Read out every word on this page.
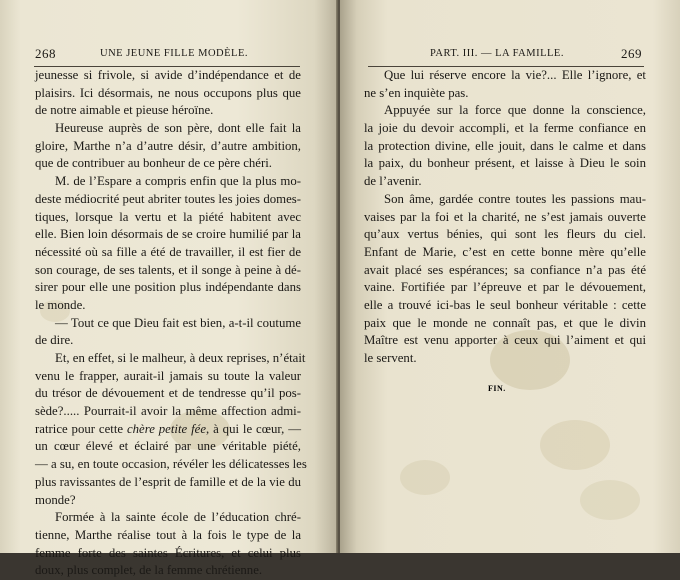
268	UNE JEUNE FILLE MODÈLE.
jeunesse si frivole, si avide d’indépendance et de
plaisirs. Ici désormais, ne nous occupons plus que
de notre aimable et pieuse héroïne.
Heureuse auprès de son père, dont elle fait la
gloire, Marthe n’a d’autre désir, d’autre ambition,
que de contribuer au bonheur de ce père chéri.
M. de l’Espare a compris enfin que la plus mo-
deste médiocrité peut abriter toutes les joies domes-
tiques, lorsque la vertu et la piété habitent avec
elle. Bien loin désormais de se croire humilié par la
nécessité où sa fille a été de travailler, il est fier de
son courage, de ses talents, et il songe à peine à dé-
sirer pour elle une position plus indépendante dans
le monde.
— Tout ce que Dieu fait est bien, a-t-il coutume
de dire.
Et, en effet, si le malheur, à deux reprises, n’était
venu le frapper, aurait-il jamais su toute la valeur
du trésor de dévouement et de tendresse qu’il pos-
sède?..... Pourrait-il avoir la même affection admi-
ratrice pour cette chère petite fée, à qui le cœur, —
un cœur élevé et éclairé par une véritable piété,
— a su, en toute occasion, révéler les délicatesses les
plus ravissantes de l’esprit de famille et de la vie du
monde?
Formée à la sainte école de l’éducation chré-
tienne, Marthe réalise tout à la fois le type de la
femme forte des saintes Écritures, et celui plus
doux, plus complet, de la femme chrétienne.
PART. III. — LA FAMILLE.	269
Que lui réserve encore la vie?... Elle l’ignore, et
ne s’en inquiète pas.
Appuyée sur la force que donne la conscience,
la joie du devoir accompli, et la ferme confiance en
la protection divine, elle jouit, dans le calme et dans
la paix, du bonheur présent, et laisse à Dieu le soin
de l’avenir.
Son âme, gardée contre toutes les passions mau-
vaises par la foi et la charité, ne s’est jamais ouverte
qu’aux vertus bénies, qui sont les fleurs du ciel.
Enfant de Marie, c’est en cette bonne mère qu’elle
avait placé ses espérances; sa confiance n’a pas été
vaine. Fortifiée par l’épreuve et par le dévouement,
elle a trouvé ici-bas le seul bonheur véritable : cette
paix que le monde ne connaît pas, et que le divin
Maître est venu apporter à ceux qui l’aiment et qui
le servent.
FIN.
